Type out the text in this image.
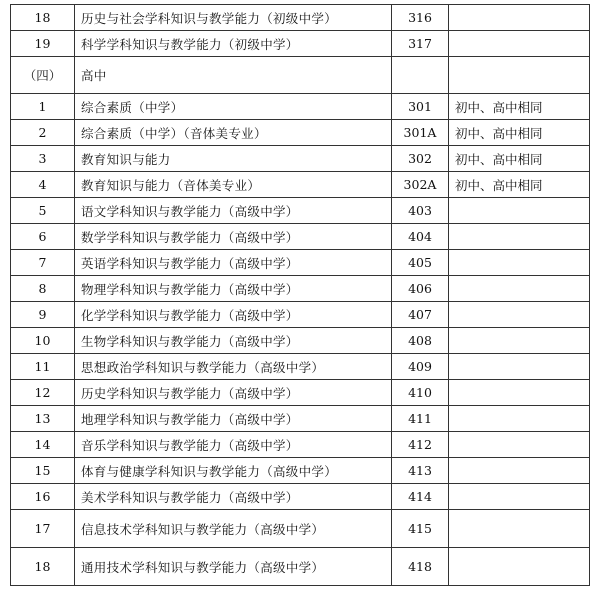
18	历史与社会学科知识与教学能力（初级中学）	316	
19	科学学科知识与教学能力（初级中学）	317	
（四）	高中		
1	综合素质（中学）	301	初中、高中相同
2	综合素质（中学）（音体美专业）	301A	初中、高中相同
3	教育知识与能力	302	初中、高中相同
4	教育知识与能力（音体美专业）	302A	初中、高中相同
5	语文学科知识与教学能力（高级中学）	403	
6	数学学科知识与教学能力（高级中学）	404	
7	英语学科知识与教学能力（高级中学）	405	
8	物理学科知识与教学能力（高级中学）	406	
9	化学学科知识与教学能力（高级中学）	407	
10	生物学科知识与教学能力（高级中学）	408	
11	思想政治学科知识与教学能力（高级中学）	409	
12	历史学科知识与教学能力（高级中学）	410	
13	地理学科知识与教学能力（高级中学）	411	
14	音乐学科知识与教学能力（高级中学）	412	
15	体育与健康学科知识与教学能力（高级中学）	413	
16	美术学科知识与教学能力（高级中学）	414	
17	信息技术学科知识与教学能力（高级中学）	415	
18	通用技术学科知识与教学能力（高级中学）	418	
